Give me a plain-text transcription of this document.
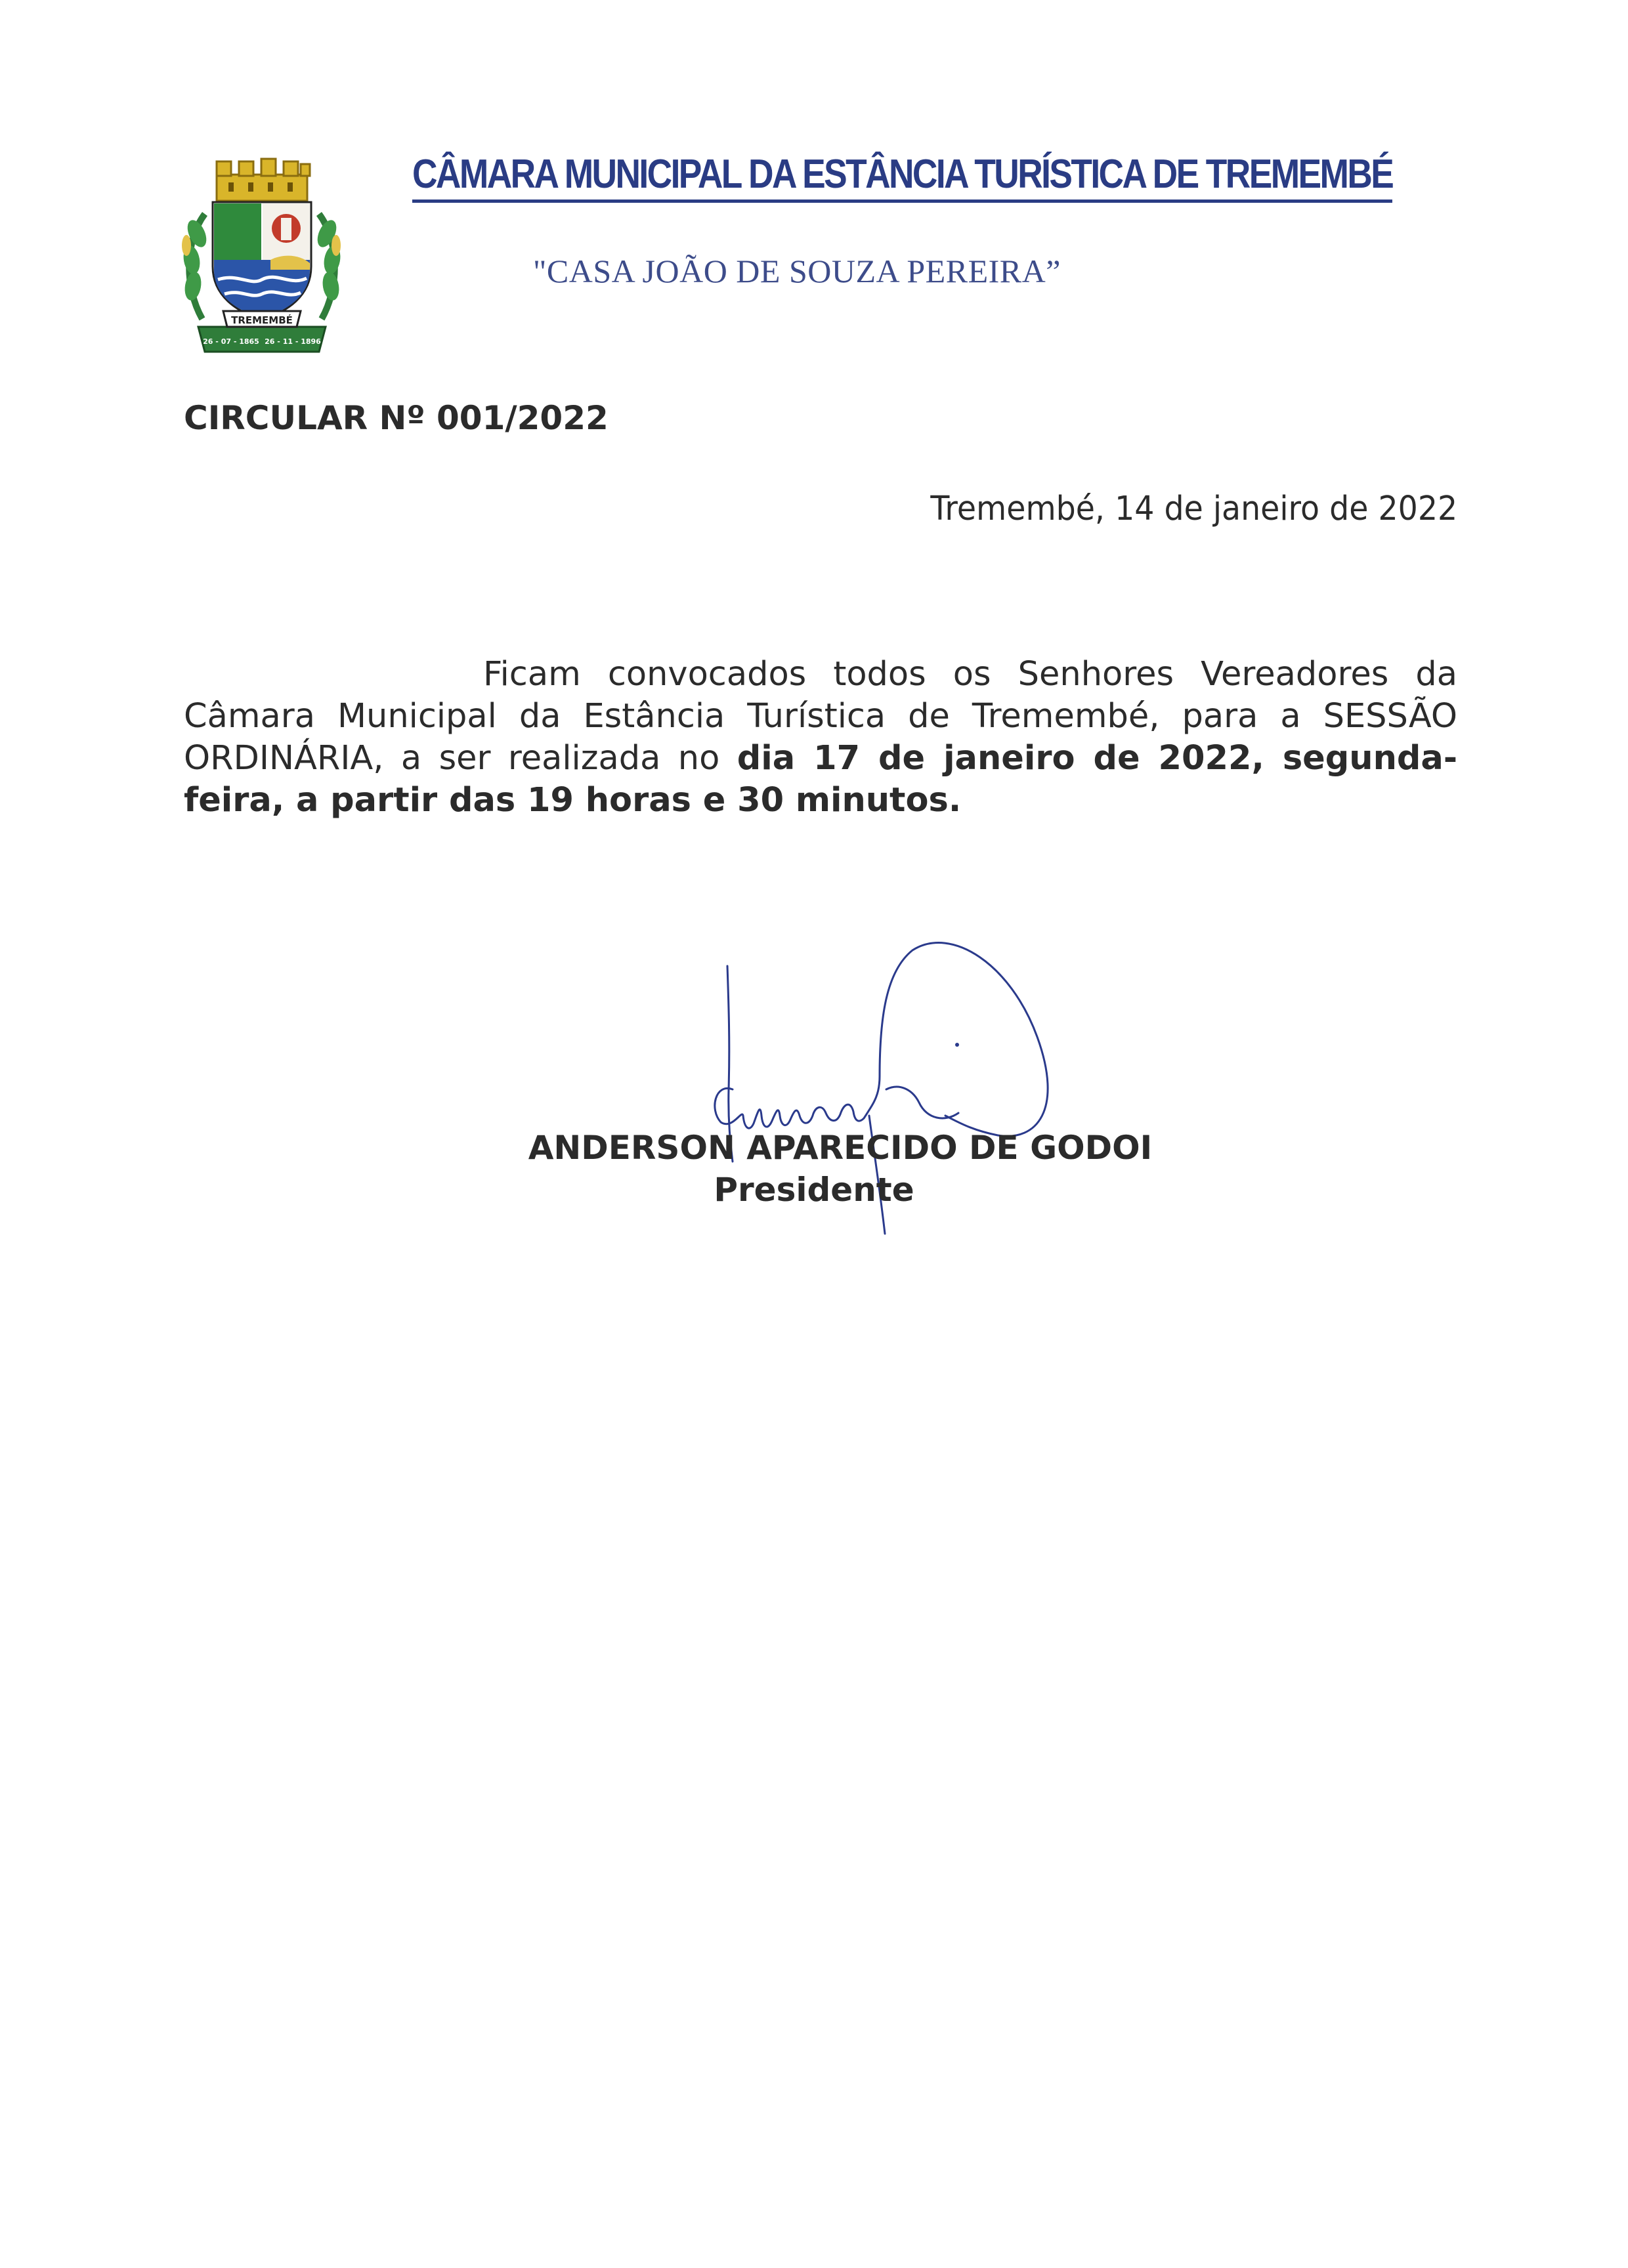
TREMEMBÉ
26 - 07 - 1865 26 - 11 - 1896
CÂMARA MUNICIPAL DA ESTÂNCIA TURÍSTICA DE TREMEMBÉ

"CASA JOÃO DE SOUZA PEREIRA”

CIRCULAR Nº 001/2022

Tremembé, 14 de janeiro de 2022

Ficam convocados todos os Senhores Vereadores da Câmara Municipal da Estância Turística de Tremembé, para a SESSÃO ORDINÁRIA, a ser realizada no dia 17 de janeiro de 2022, segunda-feira, a partir das 19 horas e 30 minutos.

ANDERSON APARECIDO DE GODOI

Presidente
